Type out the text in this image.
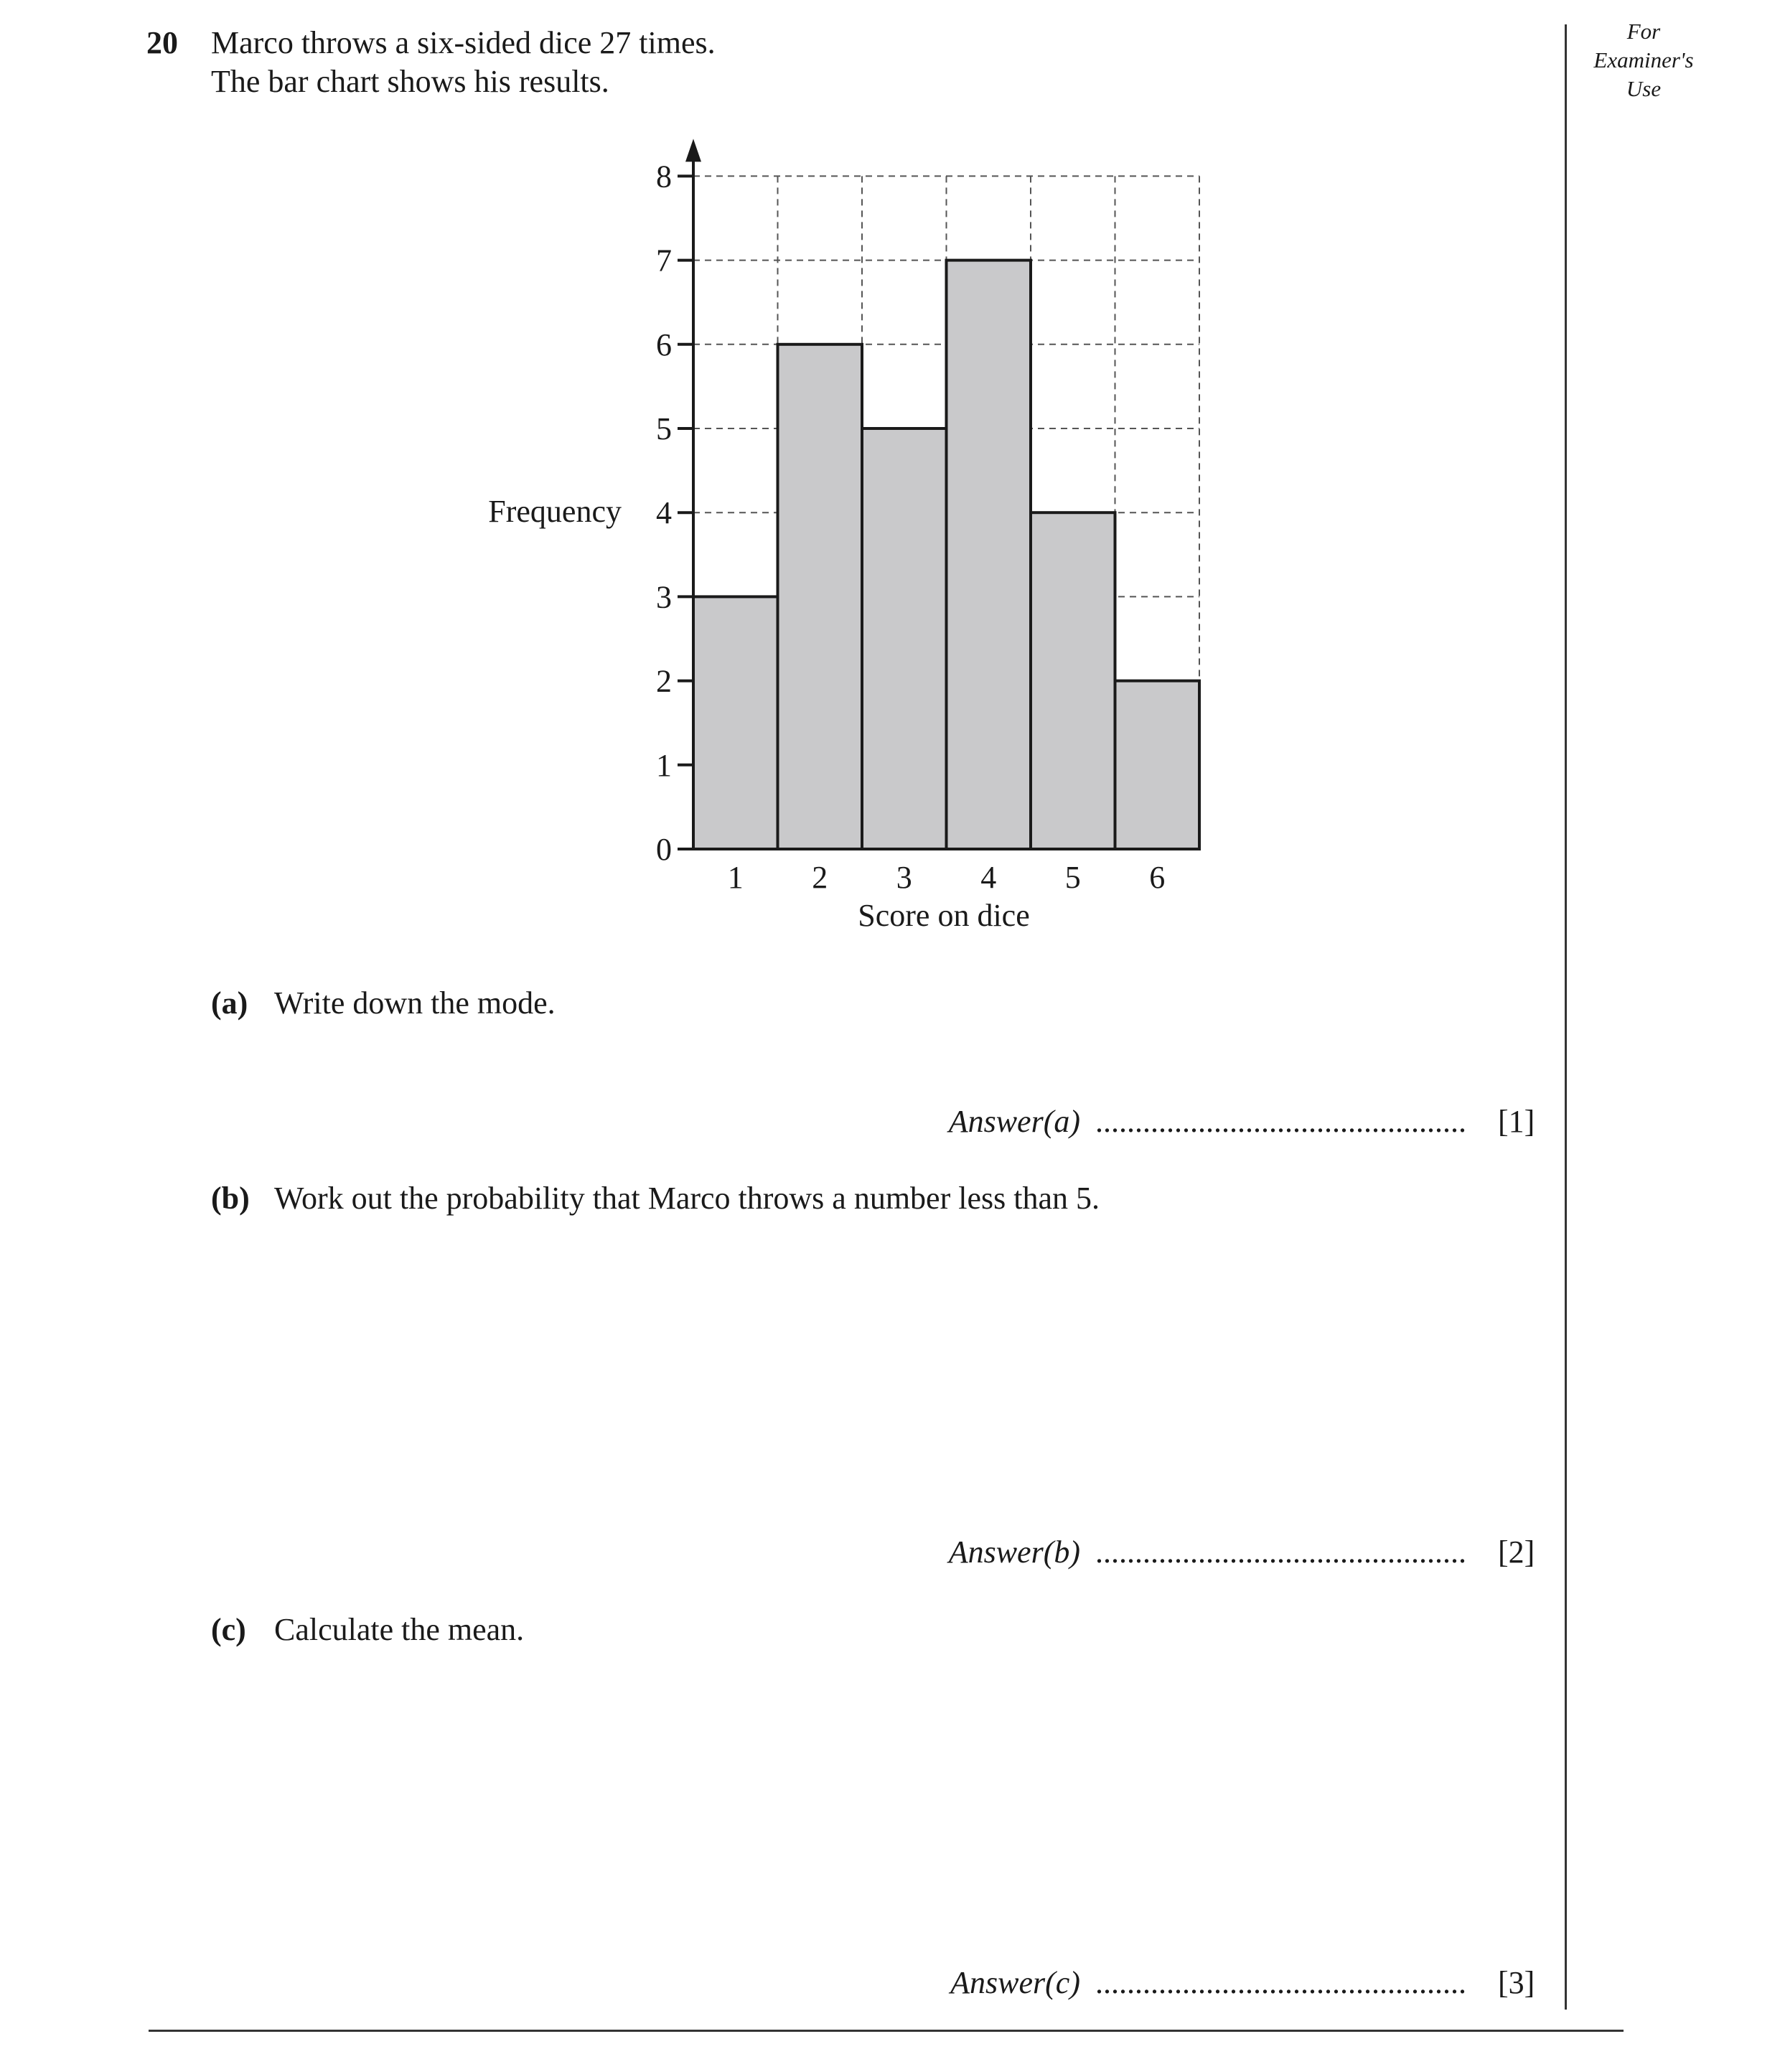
20 Marco throws a six-sided dice 27 times.
The bar chart shows his results.
For
Examiner's
Use
0
1
2
3
4
5
6
7
8
1 2 3 4 5 6
Frequency
Score on dice
(a) Write down the mode.
Answer(a) ............................................... [1]
(b) Work out the probability that Marco throws a number less than 5.
Answer(b) ............................................... [2]
(c) Calculate the mean.
Answer(c) ............................................... [3]
